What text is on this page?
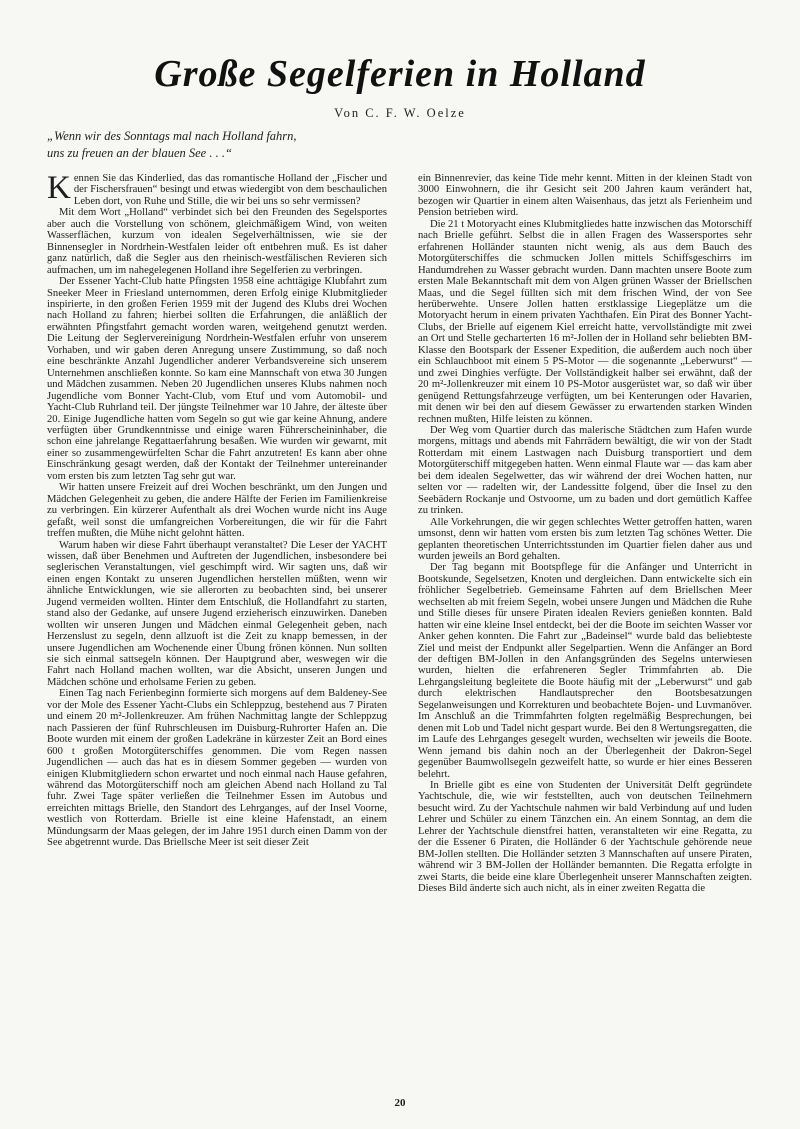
Große Segelferien in Holland
Von C. F. W. Oelze
„Wenn wir des Sonntags mal nach Holland fahrn,
uns zu freuen an der blauen See . . .“

Kennen Sie das Kinderlied, das das romantische Holland der „Fischer und der Fischersfrauen“ besingt und etwas wiedergibt von dem beschaulichen Leben dort, von Ruhe und Stille, die wir bei uns so sehr vermissen?

Mit dem Wort „Holland“ verbindet sich bei den Freunden des Segelsportes aber auch die Vorstellung von schönem, gleichmäßigem Wind, von weiten Wasserflächen, kurzum von idealen Segelverhältnissen, wie sie der Binnensegler in Nordrhein-Westfalen leider oft entbehren muß. Es ist daher ganz natürlich, daß die Segler aus den rheinisch-westfälischen Revieren sich aufmachen, um im nahegelegenen Holland ihre Segelferien zu verbringen.

Der Essener Yacht-Club hatte Pfingsten 1958 eine achttägige Klubfahrt zum Sneeker Meer in Friesland unternommen, deren Erfolg einige Klubmitglieder inspirierte, in den großen Ferien 1959 mit der Jugend des Klubs drei Wochen nach Holland zu fahren; hierbei sollten die Erfahrungen, die anläßlich der erwähnten Pfingstfahrt gemacht worden waren, weitgehend genutzt werden. Die Leitung der Seglervereinigung Nordrhein-Westfalen erfuhr von unserem Vorhaben, und wir gaben deren Anregung unsere Zustimmung, so daß noch eine beschränkte Anzahl Jugendlicher anderer Verbandsvereine sich unserem Unternehmen anschließen konnte. So kam eine Mannschaft von etwa 30 Jungen und Mädchen zusammen. Neben 20 Jugendlichen unseres Klubs nahmen noch Jugendliche vom Bonner Yacht-Club, vom Etuf und vom Automobil- und Yacht-Club Ruhrland teil. Der jüngste Teilnehmer war 10 Jahre, der älteste über 20. Einige Jugendliche hatten vom Segeln so gut wie gar keine Ahnung, andere verfügten über Grundkenntnisse und einige waren Führerscheininhaber, die schon eine jahrelange Regattaerfahrung besaßen. Wie wurden wir gewarnt, mit einer so zusammengewürfelten Schar die Fahrt anzutreten! Es kann aber ohne Einschränkung gesagt werden, daß der Kontakt der Teilnehmer untereinander vom ersten bis zum letzten Tag sehr gut war.

Wir hatten unsere Freizeit auf drei Wochen beschränkt, um den Jungen und Mädchen Gelegenheit zu geben, die andere Hälfte der Ferien im Familienkreise zu verbringen. Ein kürzerer Aufenthalt als drei Wochen wurde nicht ins Auge gefaßt, weil sonst die umfangreichen Vorbereitungen, die wir für die Fahrt treffen mußten, die Mühe nicht gelohnt hätten.

Warum haben wir diese Fahrt überhaupt veranstaltet? Die Leser der YACHT wissen, daß über Benehmen und Auftreten der Jugendlichen, insbesondere bei seglerischen Veranstaltungen, viel geschimpft wird. Wir sagten uns, daß wir einen engen Kontakt zu unseren Jugendlichen herstellen müßten, wenn wir ähnliche Entwicklungen, wie sie allerorten zu beobachten sind, bei unserer Jugend vermeiden wollten. Hinter dem Entschluß, die Hollandfahrt zu starten, stand also der Gedanke, auf unsere Jugend erzieherisch einzuwirken. Daneben wollten wir unseren Jungen und Mädchen einmal Gelegenheit geben, nach Herzenslust zu segeln, denn allzuoft ist die Zeit zu knapp bemessen, in der unsere Jugendlichen am Wochenende einer Übung frönen können. Nun sollten sie sich einmal sattsegeln können. Der Hauptgrund aber, weswegen wir die Fahrt nach Holland machen wollten, war die Absicht, unseren Jungen und Mädchen schöne und erholsame Ferien zu geben.

Einen Tag nach Ferienbeginn formierte sich morgens auf dem Baldeney-See vor der Mole des Essener Yacht-Clubs ein Schleppzug, bestehend aus 7 Piraten und einem 20 m²-Jollenkreuzer. Am frühen Nachmittag langte der Schleppzug nach Passieren der fünf Ruhrschleusen im Duisburg-Ruhrorter Hafen an. Die Boote wurden mit einem der großen Ladekräne in kürzester Zeit an Bord eines 600 t großen Motorgüterschiffes genommen. Die vom Regen nassen Jugendlichen — auch das hat es in diesem Sommer gegeben — wurden von einigen Klubmitgliedern schon erwartet und noch einmal nach Hause gefahren, während das Motorgüterschiff noch am gleichen Abend nach Holland zu Tal fuhr. Zwei Tage später verließen die Teilnehmer Essen im Autobus und erreichten mittags Brielle, den Standort des Lehrganges, auf der Insel Voorne, westlich von Rotterdam. Brielle ist eine kleine Hafenstadt, an einem Mündungsarm der Maas gelegen, der im Jahre 1951 durch einen Damm von der See abgetrennt wurde. Das Briellsche Meer ist seit dieser Zeit

ein Binnenrevier, das keine Tide mehr kennt. Mitten in der kleinen Stadt von 3000 Einwohnern, die ihr Gesicht seit 200 Jahren kaum verändert hat, bezogen wir Quartier in einem alten Waisenhaus, das jetzt als Ferienheim und Pension betrieben wird.

Die 21 t Motoryacht eines Klubmitgliedes hatte inzwischen das Motorschiff nach Brielle geführt. Selbst die in allen Fragen des Wassersportes sehr erfahrenen Holländer staunten nicht wenig, als aus dem Bauch des Motorgüterschiffes die schmucken Jollen mittels Schiffsgeschirrs im Handumdrehen zu Wasser gebracht wurden. Dann machten unsere Boote zum ersten Male Bekanntschaft mit dem von Algen grünen Wasser der Briellschen Maas, und die Segel füllten sich mit dem frischen Wind, der von See herüberwehte. Unsere Jollen hatten erstklassige Liegeplätze um die Motoryacht herum in einem privaten Yachthafen. Ein Pirat des Bonner Yacht-Clubs, der Brielle auf eigenem Kiel erreicht hatte, vervollständigte mit zwei an Ort und Stelle gecharterten 16 m²-Jollen der in Holland sehr beliebten BM-Klasse den Bootspark der Essener Expedition, die außerdem auch noch über ein Schlauchboot mit einem 5 PS-Motor — die sogenannte „Leberwurst“ — und zwei Dinghies verfügte. Der Vollständigkeit halber sei erwähnt, daß der 20 m²-Jollenkreuzer mit einem 10 PS-Motor ausgerüstet war, so daß wir über genügend Rettungsfahrzeuge verfügten, um bei Kenterungen oder Havarien, mit denen wir bei den auf diesem Gewässer zu erwartenden starken Winden rechnen mußten, Hilfe leisten zu können.

Der Weg vom Quartier durch das malerische Städtchen zum Hafen wurde morgens, mittags und abends mit Fahrrädern bewältigt, die wir von der Stadt Rotterdam mit einem Lastwagen nach Duisburg transportiert und dem Motorgüterschiff mitgegeben hatten. Wenn einmal Flaute war — das kam aber bei dem idealen Segelwetter, das wir während der drei Wochen hatten, nur selten vor — radelten wir, der Landessitte folgend, über die Insel zu den Seebädern Rockanje und Ostvoorne, um zu baden und dort gemütlich Kaffee zu trinken.

Alle Vorkehrungen, die wir gegen schlechtes Wetter getroffen hatten, waren umsonst, denn wir hatten vom ersten bis zum letzten Tag schönes Wetter. Die geplanten theoretischen Unterrichtsstunden im Quartier fielen daher aus und wurden jeweils an Bord gehalten.

Der Tag begann mit Bootspflege für die Anfänger und Unterricht in Bootskunde, Segelsetzen, Knoten und dergleichen. Dann entwickelte sich ein fröhlicher Segelbetrieb. Gemeinsame Fahrten auf dem Briellschen Meer wechselten ab mit freiem Segeln, wobei unsere Jungen und Mädchen die Ruhe und Stille dieses für unsere Piraten idealen Reviers genießen konnten. Bald hatten wir eine kleine Insel entdeckt, bei der die Boote im seichten Wasser vor Anker gehen konnten. Die Fahrt zur „Badeinsel“ wurde bald das beliebteste Ziel und meist der Endpunkt aller Segelpartien. Wenn die Anfänger an Bord der deftigen BM-Jollen in den Anfangsgründen des Segelns unterwiesen wurden, hielten die erfahreneren Segler Trimmfahrten ab. Die Lehrgangsleitung begleitete die Boote häufig mit der „Leberwurst“ und gab durch elektrischen Handlautsprecher den Bootsbesatzungen Segelanweisungen und Korrekturen und beobachtete Bojen- und Luvmanöver. Im Anschluß an die Trimmfahrten folgten regelmäßig Besprechungen, bei denen mit Lob und Tadel nicht gespart wurde. Bei den 8 Wertungsregatten, die im Laufe des Lehrganges gesegelt wurden, wechselten wir jeweils die Boote. Wenn jemand bis dahin noch an der Überlegenheit der Dakron-Segel gegenüber Baumwollsegeln gezweifelt hatte, so wurde er hier eines Besseren belehrt.

In Brielle gibt es eine von Studenten der Universität Delft gegründete Yachtschule, die, wie wir feststellten, auch von deutschen Teilnehmern besucht wird. Zu der Yachtschule nahmen wir bald Verbindung auf und luden Lehrer und Schüler zu einem Tänzchen ein. An einem Sonntag, an dem die Lehrer der Yachtschule dienstfrei hatten, veranstalteten wir eine Regatta, zu der die Essener 6 Piraten, die Holländer 6 der Yachtschule gehörende neue BM-Jollen stellten. Die Holländer setzten 3 Mannschaften auf unsere Piraten, während wir 3 BM-Jollen der Holländer bemannten. Die Regatta erfolgte in zwei Starts, die beide eine klare Überlegenheit unserer Mannschaften zeigten. Dieses Bild änderte sich auch nicht, als in einer zweiten Regatta die

20
